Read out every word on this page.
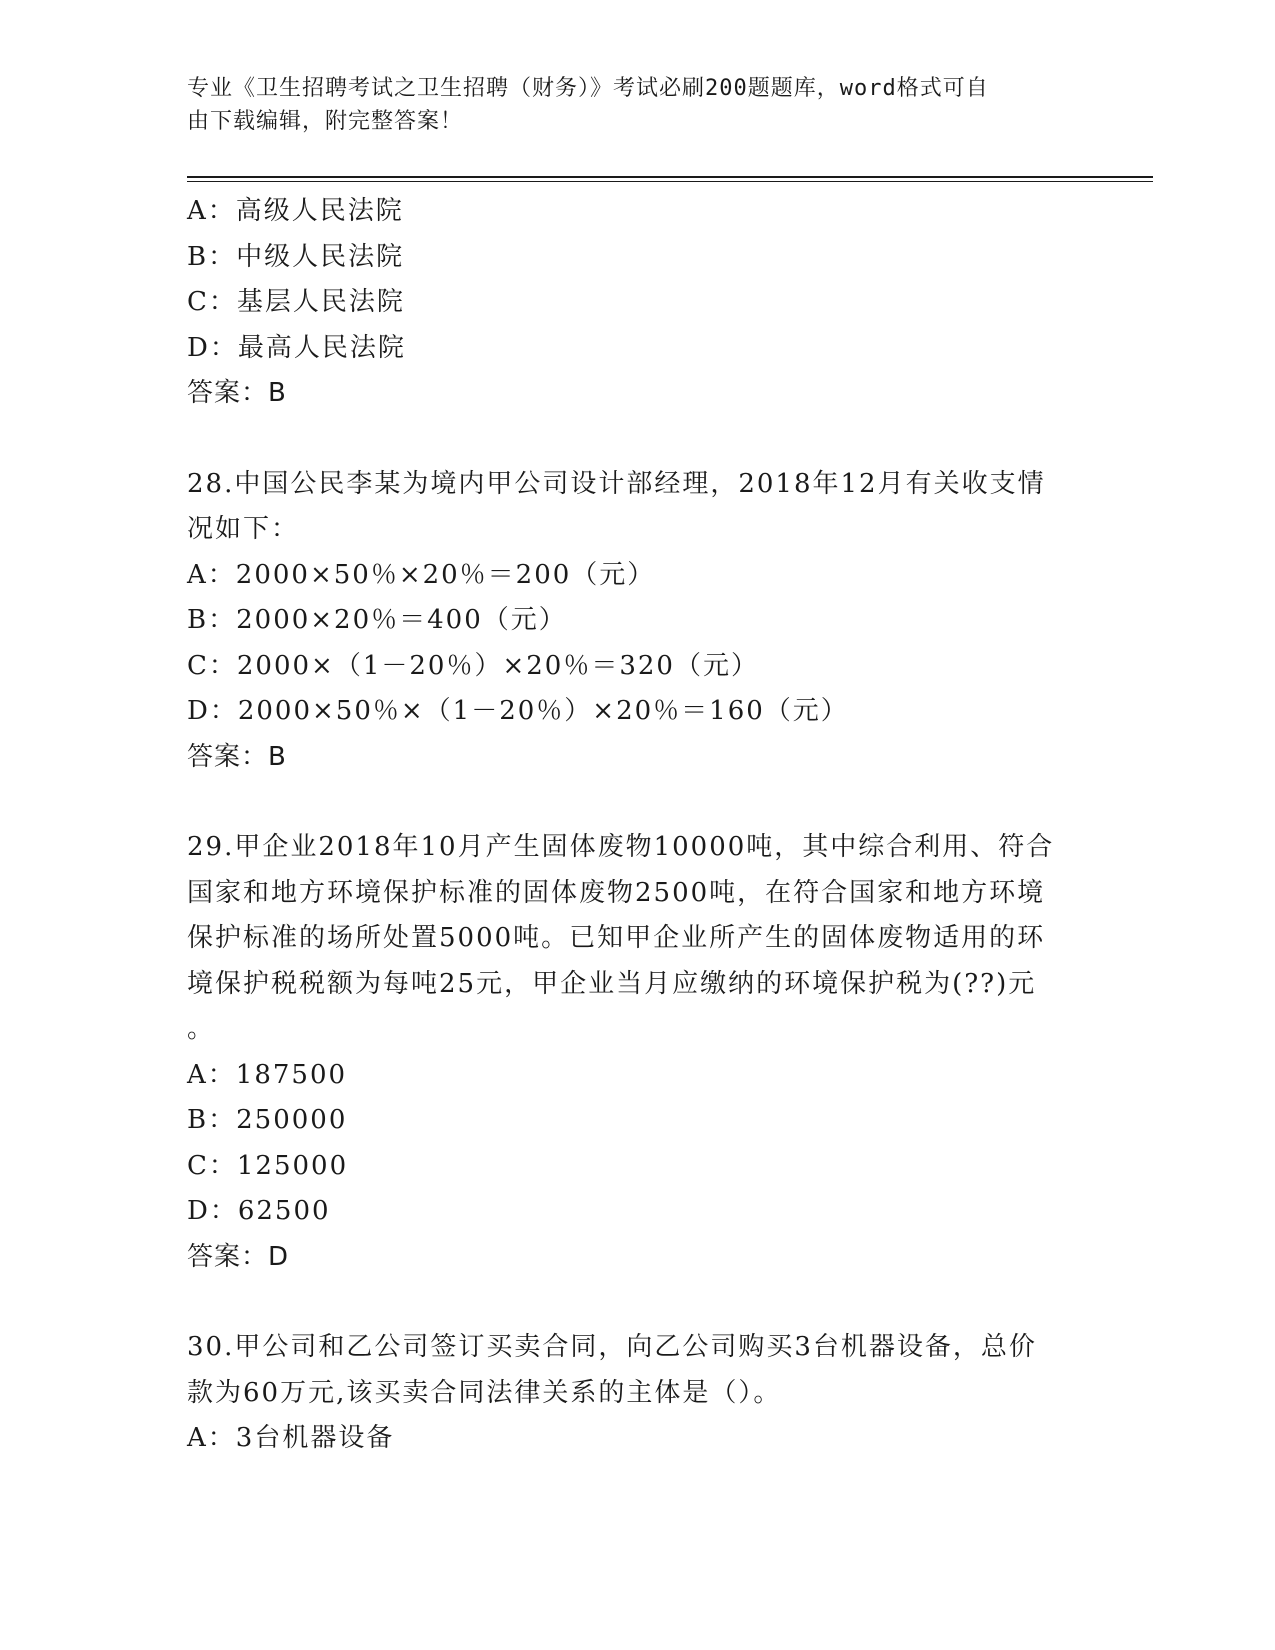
专业《卫生招聘考试之卫生招聘（财务）》考试必刷200题题库，word格式可自
由下载编辑，附完整答案！
A：高级人民法院
B：中级人民法院
C：基层人民法院
D：最高人民法院
答案：B
28.中国公民李某为境内甲公司设计部经理，2018年12月有关收支情
况如下：
A：2000×50％×20％＝200（元）
B：2000×20％＝400（元）
C：2000×（1－20％）×20％＝320（元）
D：2000×50％×（1－20％）×20％＝160（元）
答案：B
29.甲企业2018年10月产生固体废物10000吨，其中综合利用、符合
国家和地方环境保护标准的固体废物2500吨，在符合国家和地方环境
保护标准的场所处置5000吨。已知甲企业所产生的固体废物适用的环
境保护税税额为每吨25元，甲企业当月应缴纳的环境保护税为(??)元
。
A：187500
B：250000
C：125000
D：62500
答案：D
30.甲公司和乙公司签订买卖合同，向乙公司购买3台机器设备，总价
款为60万元,该买卖合同法律关系的主体是（）。
A：3台机器设备
